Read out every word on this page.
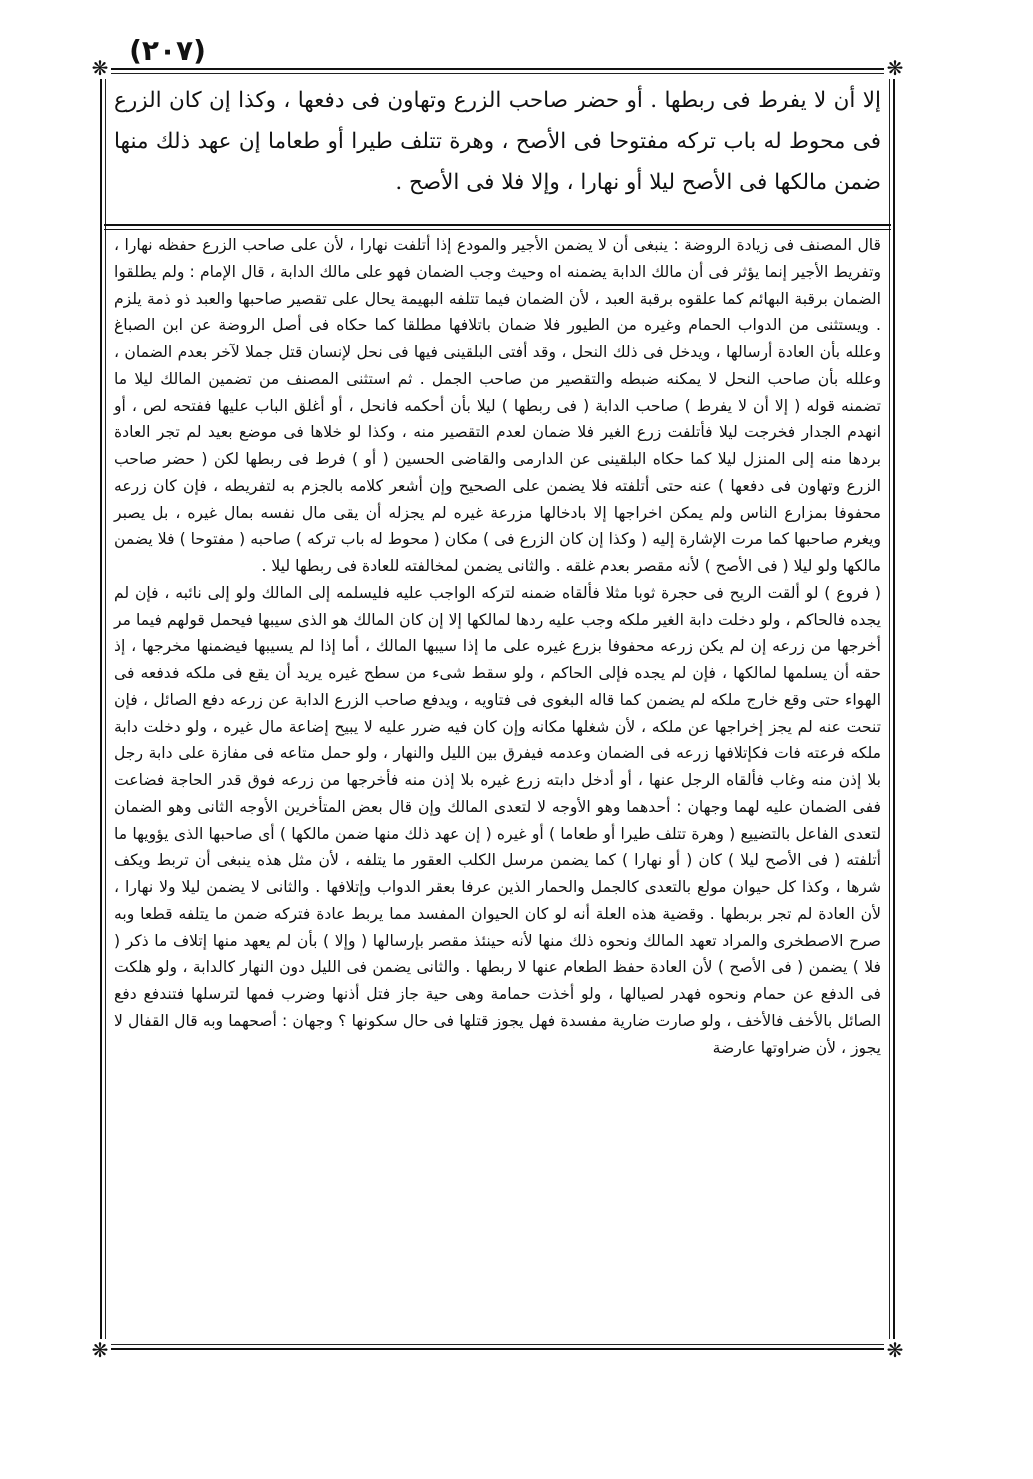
(٢٠٧)
❋	❋
❋	❋

إلا أن لا يفرط فى ربطها . أو حضر صاحب الزرع وتهاون فى دفعها ، وكذا إن كان الزرع فى محوط له باب تركه مفتوحا فى الأصح ، وهرة تتلف طيرا أو طعاما إن عهد ذلك منها ضمن مالكها فى الأصح ليلا أو نهارا ، وإلا فلا فى الأصح .

قال المصنف فى زيادة الروضة : ينبغى أن لا يضمن الأجير والمودع إذا أتلفت نهارا ، لأن على صاحب الزرع حفظه نهارا ، وتفريط الأجير إنما يؤثر فى أن مالك الدابة يضمنه اه وحيث وجب الضمان فهو على مالك الدابة ، قال الإمام : ولم يطلقوا الضمان برقبة البهائم كما علقوه برقبة العبد ، لأن الضمان فيما تتلفه البهيمة يحال على تقصير صاحبها والعبد ذو ذمة يلزم . ويستثنى من الدواب الحمام وغيره من الطيور فلا ضمان باتلافها مطلقا كما حكاه فى أصل الروضة عن ابن الصباغ وعلله بأن العادة أرسالها ، ويدخل فى ذلك النحل ، وقد أفتى البلقينى فيها فى نحل لإنسان قتل جملا لآخر بعدم الضمان ، وعلله بأن صاحب النحل لا يمكنه ضبطه والتقصير من صاحب الجمل . ثم استثنى المصنف من تضمين المالك ليلا ما تضمنه قوله ( إلا أن لا يفرط ) صاحب الدابة ( فى ربطها ) ليلا بأن أحكمه فانحل ، أو أغلق الباب عليها ففتحه لص ، أو انهدم الجدار فخرجت ليلا فأتلفت زرع الغير فلا ضمان لعدم التقصير منه ، وكذا لو خلاها فى موضع بعيد لم تجر العادة بردها منه إلى المنزل ليلا كما حكاه البلقينى عن الدارمى والقاضى الحسين ( أو ) فرط فى ربطها لكن ( حضر صاحب الزرع وتهاون فى دفعها ) عنه حتى أتلفته فلا يضمن على الصحيح وإن أشعر كلامه بالجزم به لتفريطه ، فإن كان زرعه محفوفا بمزارع الناس ولم يمكن اخراجها إلا بادخالها مزرعة غيره لم يجزله أن يقى مال نفسه بمال غيره ، بل يصبر ويغرم صاحبها كما مرت الإشارة إليه ( وكذا إن كان الزرع فى ) مكان ( محوط له باب تركه ) صاحبه ( مفتوحا ) فلا يضمن مالكها ولو ليلا ( فى الأصح ) لأنه مقصر بعدم غلقه . والثانى يضمن لمخالفته للعادة فى ربطها ليلا .

( فروع ) لو ألقت الريح فى حجرة ثوبا مثلا فألقاه ضمنه لتركه الواجب عليه فليسلمه إلى المالك ولو إلى نائبه ، فإن لم يجده فالحاكم ، ولو دخلت دابة الغير ملكه وجب عليه ردها لمالكها إلا إن كان المالك هو الذى سيبها فيحمل قولهم فيما مر أخرجها من زرعه إن لم يكن زرعه محفوفا بزرع غيره على ما إذا سيبها المالك ، أما إذا لم يسيبها فيضمنها مخرجها ، إذ حقه أن يسلمها لمالكها ، فإن لم يجده فإلى الحاكم ، ولو سقط شىء من سطح غيره يريد أن يقع فى ملكه فدفعه فى الهواء حتى وقع خارج ملكه لم يضمن كما قاله البغوى فى فتاويه ، ويدفع صاحب الزرع الدابة عن زرعه دفع الصائل ، فإن تنحت عنه لم يجز إخراجها عن ملكه ، لأن شغلها مكانه وإن كان فيه ضرر عليه لا يبيح إضاعة مال غيره ، ولو دخلت دابة ملكه فرعته فات فكإتلافها زرعه فى الضمان وعدمه فيفرق بين الليل والنهار ، ولو حمل متاعه فى مفازة على دابة رجل بلا إذن منه وغاب فألقاه الرجل عنها ، أو أدخل دابته زرع غيره بلا إذن منه فأخرجها من زرعه فوق قدر الحاجة فضاعت ففى الضمان عليه لهما وجهان : أحدهما وهو الأوجه لا لتعدى المالك وإن قال بعض المتأخرين الأوجه الثانى وهو الضمان لتعدى الفاعل بالتضييع ( وهرة تتلف طيرا أو طعاما ) أو غيره ( إن عهد ذلك منها ضمن مالكها ) أى صاحبها الذى يؤويها ما أتلفته ( فى الأصح ليلا ) كان ( أو نهارا ) كما يضمن مرسل الكلب العقور ما يتلفه ، لأن مثل هذه ينبغى أن تربط ويكف شرها ، وكذا كل حيوان مولع بالتعدى كالجمل والحمار الذين عرفا بعقر الدواب وإتلافها . والثانى لا يضمن ليلا ولا نهارا ، لأن العادة لم تجر بربطها . وقضية هذه العلة أنه لو كان الحيوان المفسد مما يربط عادة فتركه ضمن ما يتلفه قطعا وبه صرح الاصطخرى والمراد تعهد المالك ونحوه ذلك منها لأنه حينئذ مقصر بإرسالها ( وإلا ) بأن لم يعهد منها إتلاف ما ذكر ( فلا ) يضمن ( فى الأصح ) لأن العادة حفظ الطعام عنها لا ربطها . والثانى يضمن فى الليل دون النهار كالدابة ، ولو هلكت فى الدفع عن حمام ونحوه فهدر لصيالها ، ولو أخذت حمامة وهى حية جاز فتل أذنها وضرب فمها لترسلها فتندفع دفع الصائل بالأخف فالأخف ، ولو صارت ضارية مفسدة فهل يجوز قتلها فى حال سكونها ؟ وجهان : أصحهما وبه قال القفال لا يجوز ، لأن ضراوتها عارضة
